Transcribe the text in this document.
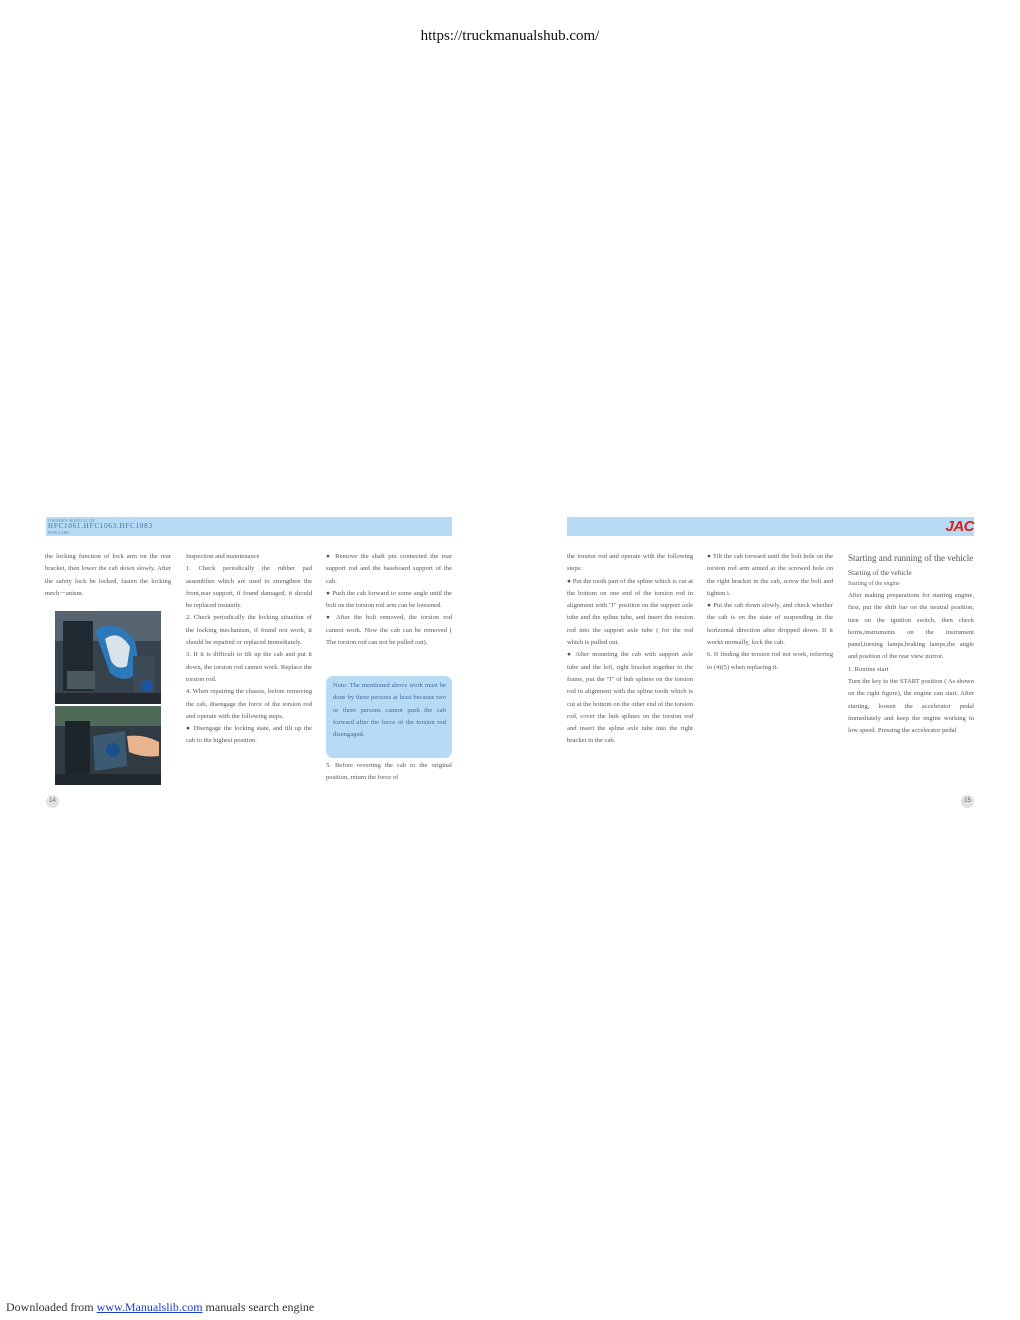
https://truckmanualshub.com/
OWNER'S MANUAL OF
HFC1061,HFC1063,HFC1083
BOW CABS	JAC

the locking function of lock arm on the rear bracket, then lower the cab down slowly. After the safety lock be locked, fasten the locking mech－anism.

Inspection and maintenance

1. Check periodically the rubber pad assemblies which are used to strengthen the front,rear support, if found damaged, it should be replaced instantly.

2. Check periodically the locking situation of the locking mechanism, if found not work, it should be repaired or replaced immediately.

3. If it is difficult to tilt up the cab and put it down, the torsion rod cannot work. Replace the torsion rod.

4. When repairing the chassis, before removing the cab, disengage the force of the torsion rod and operate with the following steps.

● Disengage the locking state, and tilt up the cab to the highest position.

● Remove the shaft pin connected the rear support rod and the baseboard support of the cab.

● Push the cab forward to some angle until the bolt on the torsion rod arm can be loosened.

● After the bolt removed, the torsion rod cannot work. Now the cab can be removed ( The torsion rod can not be pulled out).

Note: The mentioned above work must be done by three persons at least because two or three persons cannot push the cab forward after the force of the torsion rod disengaged.

5. Before reverting the cab to the original position, return the force of

the torsion rod and operate with the following steps:

● Put the tooth part of the spline which is cut at the bottom on one end of the torsion rod in alignment with "I" position on the support axle tube and the spline tube, and insert the torsion rod into the support axle tube ( for the rod which is pulled out.

● After mounting the cab with support axle tube and the left, right bracket together to the frame, put the "I" of hub splines on the torsion rod in alignment with the spline tooth which is cut at the bottom on the other end of the torsion rod, cover the hub splines on the torsion rod and insert the spline axle tube into the right bracket in the cab.

● Tilt the cab forward until the bolt hole on the torsion rod arm aimed at the screwed hole on the right bracket in the cab, screw the bolt and tighten i.

● Put the cab down slowly, and check whether the cab is on the state of suspending in the horizontal direction after dropped down. If it works normally, lock the cab.

6. If finding the torsion rod not work, referring to (4)(5) when replacing it.

Starting and running of the vehicle

Starting of the vehicle

Starting of the engine

After making preparations for starting engine, first, put the shift bar on the neutral position, turn on the ignition switch, then check horns,instruments on the instrument panel,turning lamps,braking lamps,the angle and position of the rear view mirror.

1. Routine start

Turn the key to the START position ( As shown on the right figure), the engine can start. After starting, loosen the accelerator pedal immediately and keep the engine working in low speed. Pressing the accelerator pedal

14	15
Downloaded from www.Manualslib.com manuals search engine
